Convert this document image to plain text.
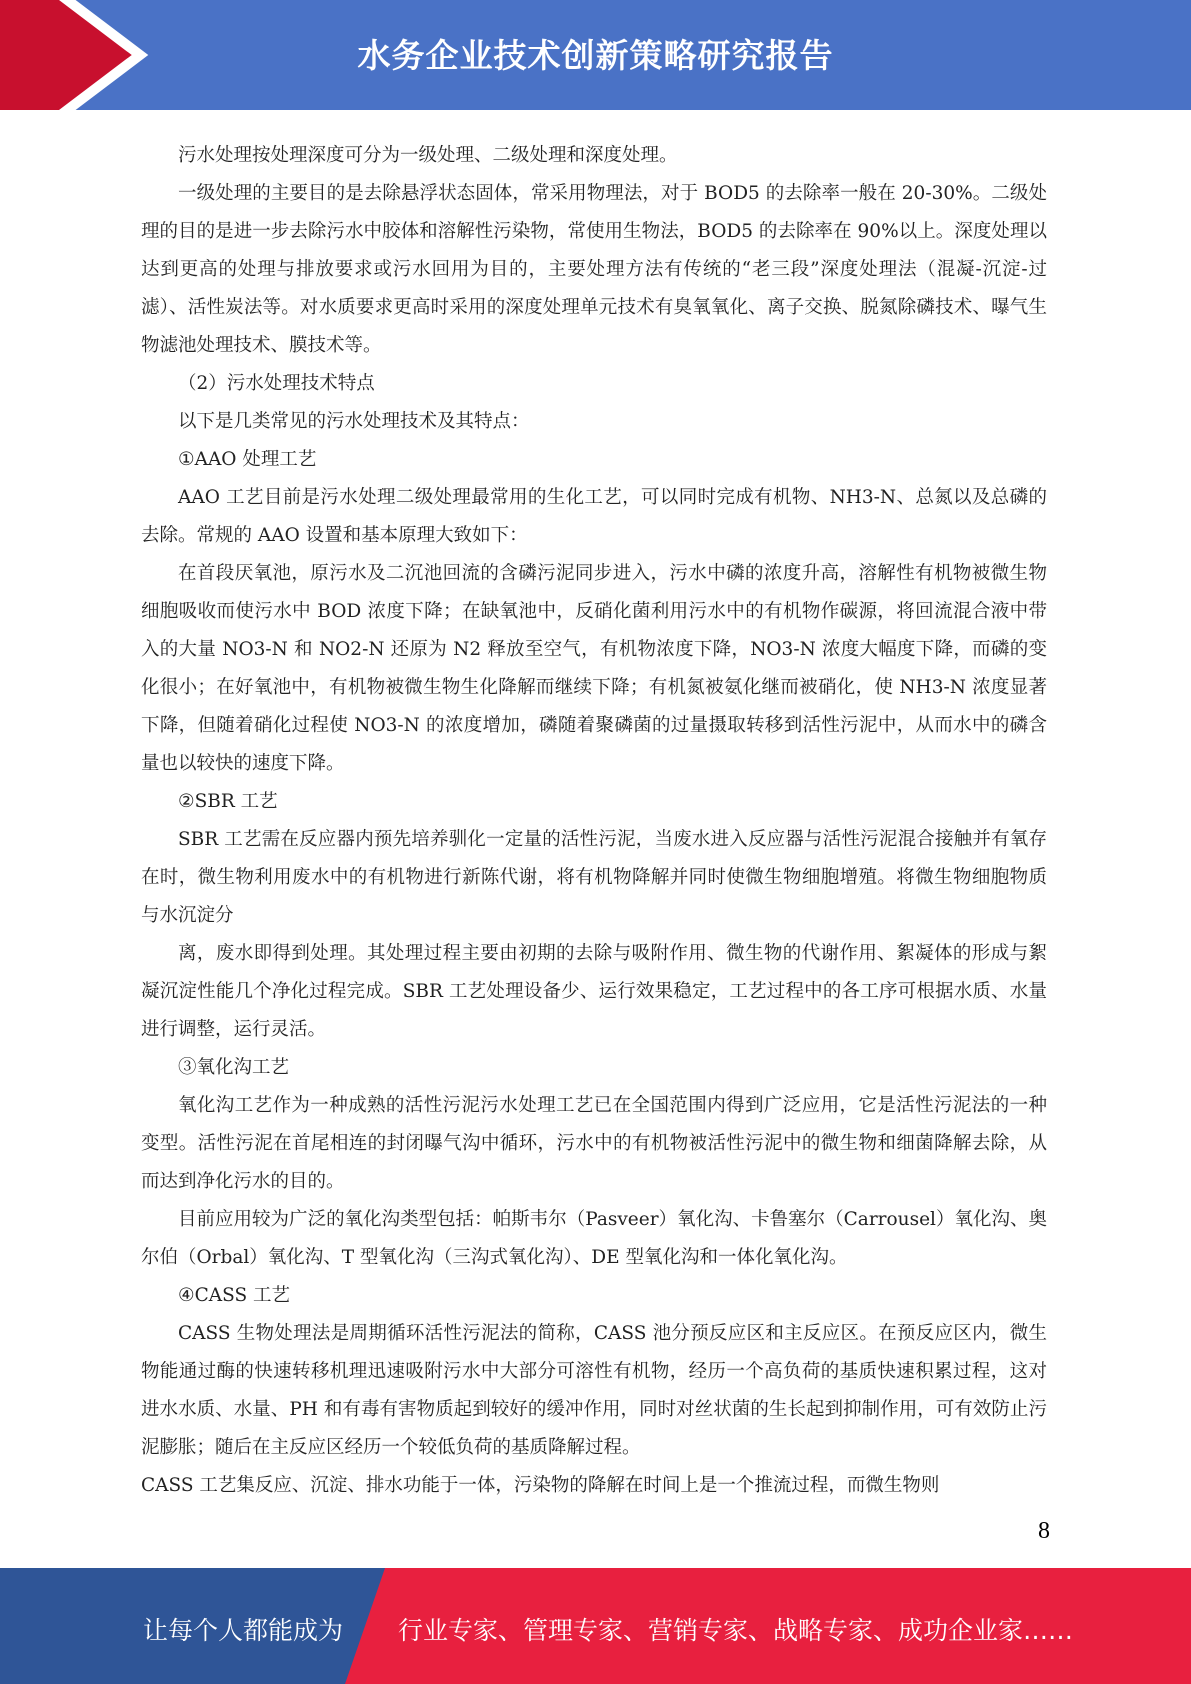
水务企业技术创新策略研究报告

污水处理按处理深度可分为一级处理、二级处理和深度处理。

一级处理的主要目的是去除悬浮状态固体，常采用物理法，对于 BOD5 的去除率一般在 20-30%。二级处理的目的是进一步去除污水中胶体和溶解性污染物，常使用生物法，BOD5 的去除率在 90%以上。深度处理以达到更高的处理与排放要求或污水回用为目的，主要处理方法有传统的“老三段”深度处理法（混凝-沉淀-过滤）、活性炭法等。对水质要求更高时采用的深度处理单元技术有臭氧氧化、离子交换、脱氮除磷技术、曝气生物滤池处理技术、膜技术等。

（2）污水处理技术特点

以下是几类常见的污水处理技术及其特点：

①AAO 处理工艺

AAO 工艺目前是污水处理二级处理最常用的生化工艺，可以同时完成有机物、NH3-N、总氮以及总磷的去除。常规的 AAO 设置和基本原理大致如下：

在首段厌氧池，原污水及二沉池回流的含磷污泥同步进入，污水中磷的浓度升高，溶解性有机物被微生物细胞吸收而使污水中 BOD 浓度下降；在缺氧池中，反硝化菌利用污水中的有机物作碳源，将回流混合液中带入的大量 NO3-N 和 NO2-N 还原为 N2 释放至空气，有机物浓度下降，NO3-N 浓度大幅度下降，而磷的变化很小；在好氧池中，有机物被微生物生化降解而继续下降；有机氮被氨化继而被硝化，使 NH3-N 浓度显著下降，但随着硝化过程使 NO3-N 的浓度增加，磷随着聚磷菌的过量摄取转移到活性污泥中，从而水中的磷含量也以较快的速度下降。

②SBR 工艺

SBR 工艺需在反应器内预先培养驯化一定量的活性污泥，当废水进入反应器与活性污泥混合接触并有氧存在时，微生物利用废水中的有机物进行新陈代谢，将有机物降解并同时使微生物细胞增殖。将微生物细胞物质与水沉淀分

离，废水即得到处理。其处理过程主要由初期的去除与吸附作用、微生物的代谢作用、絮凝体的形成与絮凝沉淀性能几个净化过程完成。SBR 工艺处理设备少、运行效果稳定，工艺过程中的各工序可根据水质、水量进行调整，运行灵活。

③氧化沟工艺

氧化沟工艺作为一种成熟的活性污泥污水处理工艺已在全国范围内得到广泛应用，它是活性污泥法的一种变型。活性污泥在首尾相连的封闭曝气沟中循环，污水中的有机物被活性污泥中的微生物和细菌降解去除，从而达到净化污水的目的。

目前应用较为广泛的氧化沟类型包括：帕斯韦尔（Pasveer）氧化沟、卡鲁塞尔（Carrousel）氧化沟、奥尔伯（Orbal）氧化沟、T 型氧化沟（三沟式氧化沟）、DE 型氧化沟和一体化氧化沟。

④CASS 工艺

CASS 生物处理法是周期循环活性污泥法的简称，CASS 池分预反应区和主反应区。在预反应区内，微生物能通过酶的快速转移机理迅速吸附污水中大部分可溶性有机物，经历一个高负荷的基质快速积累过程，这对进水水质、水量、PH 和有毒有害物质起到较好的缓冲作用，同时对丝状菌的生长起到抑制作用，可有效防止污泥膨胀；随后在主反应区经历一个较低负荷的基质降解过程。

CASS 工艺集反应、沉淀、排水功能于一体，污染物的降解在时间上是一个推流过程，而微生物则

8
让每个人都能成为 行业专家、管理专家、营销专家、战略专家、成功企业家……
